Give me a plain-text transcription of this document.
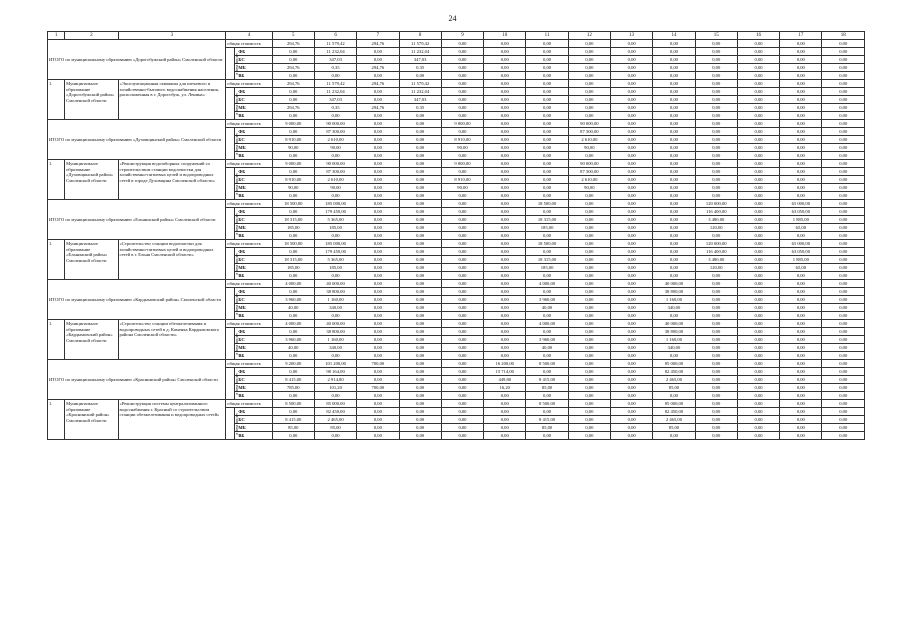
24
1	2	3	4		5	6	7	8	9	10	11	12	13	14	15	16	17	18
ИТОГО по муниципальному образованию «Дорогобужский район» Смоленской области			общая стоимость		294,76	11 579,42	294,76	11 579,42	0,00	0,00	0,00	0,00	0,00	0,00	0,00	0,00	0,00	0,00
			в том числе:	ФБ	0,00	11 232,04	0,00	11 232,04	0,00	0,00	0,00	0,00	0,00	0,00	0,00	0,00	0,00	0,00
				БС	0,00	347,03	0,00	347,03	0,00	0,00	0,00	0,00	0,00	0,00	0,00	0,00	0,00	0,00
				МБ	294,76	0,35	294,76	0,35	0,00	0,00	0,00	0,00	0,00	0,00	0,00	0,00	0,00	0,00
				ВБ	0,00	0,00	0,00	0,00	0,00	0,00	0,00	0,00	0,00	0,00	0,00	0,00	0,00	0,00
1.	Муниципальное образование «Дорогобужский район» Смоленской области	«Эксплуатационная скважина для питьевого и хозяйственно-бытового водоснабжения населения, расположенная в г. Дорогобуж, ул. Ленина»	общая стоимость		294,76	11 579,42	294,76	11 579,42	0,00	0,00	0,00	0,00	0,00	0,00	0,00	0,00	0,00	0,00
			в том числе:	ФБ	0,00	11 232,04	0,00	11 232,04	0,00	0,00	0,00	0,00	0,00	0,00	0,00	0,00	0,00	0,00
				БС	0,00	347,03	0,00	347,03	0,00	0,00	0,00	0,00	0,00	0,00	0,00	0,00	0,00	0,00
				МБ	294,76	0,35	294,76	0,35	0,00	0,00	0,00	0,00	0,00	0,00	0,00	0,00	0,00	0,00
				ВБ	0,00	0,00	0,00	0,00	0,00	0,00	0,00	0,00	0,00	0,00	0,00	0,00	0,00	0,00
ИТОГО по муниципальному образованию «Духовщинский район» Смоленской области			общая стоимость		9 000,00	90 000,00	0,00	0,00	9 000,00	0,00	0,00	90 000,00	0,00	0,00	0,00	0,00	0,00	0,00
			в том числе:	ФБ	0,00	87 300,00	0,00	0,00	0,00	0,00	0,00	87 300,00	0,00	0,00	0,00	0,00	0,00	0,00
				БС	8 910,00	2 610,00	0,00	0,00	8 910,00	0,00	0,00	2 610,00	0,00	0,00	0,00	0,00	0,00	0,00
				МБ	90,00	90,00	0,00	0,00	90,00	0,00	0,00	90,00	0,00	0,00	0,00	0,00	0,00	0,00
				ВБ	0,00	0,00	0,00	0,00	0,00	0,00	0,00	0,00	0,00	0,00	0,00	0,00	0,00	0,00
1.	Муниципальное образование «Духовщинский район» Смоленской области	«Реконструкция водозаборных сооружений со строительством станции водоочистки для хозяйственно-питьевых целей и водопроводных сетей в городе Духовщина Смоленской области»	общая стоимость		9 000,00	90 000,00	0,00	0,00	9 000,00	0,00	0,00	90 000,00	0,00	0,00	0,00	0,00	0,00	0,00
			в том числе:	ФБ	0,00	87 300,00	0,00	0,00	0,00	0,00	0,00	87 300,00	0,00	0,00	0,00	0,00	0,00	0,00
				БС	8 910,00	2 610,00	0,00	0,00	8 910,00	0,00	0,00	2 610,00	0,00	0,00	0,00	0,00	0,00	0,00
				МБ	90,00	90,00	0,00	0,00	90,00	0,00	0,00	90,00	0,00	0,00	0,00	0,00	0,00	0,00
				ВБ	0,00	0,00	0,00	0,00	0,00	0,00	0,00	0,00	0,00	0,00	0,00	0,00	0,00	0,00
ИТОГО по муниципальному образованию «Ельнинский район» Смоленской области			общая стоимость		18 500,00	185 000,00	0,00	0,00	0,00	0,00	18 500,00	0,00	0,00	0,00	120 000,00	0,00	65 000,00	0,00
			в том числе:	ФБ	0,00	179 450,00	0,00	0,00	0,00	0,00	0,00	0,00	0,00	0,00	116 400,00	0,00	63 050,00	0,00
				БС	18 315,00	5 365,00	0,00	0,00	0,00	0,00	18 315,00	0,00	0,00	0,00	3 480,00	0,00	1 885,00	0,00
				МБ	185,00	185,00	0,00	0,00	0,00	0,00	185,00	0,00	0,00	0,00	120,00	0,00	65,00	0,00
				ВБ	0,00	0,00	0,00	0,00	0,00	0,00	0,00	0,00	0,00	0,00	0,00	0,00	0,00	0,00
1.	Муниципальное образование «Ельнинский район» Смоленской области	«Строительство станции водоочистки для хозяйственно-питьевых целей и водопроводных сетей в г. Ельня Смоленской области»	общая стоимость		18 500,00	185 000,00	0,00	0,00	0,00	0,00	18 500,00	0,00	0,00	0,00	120 000,00	0,00	65 000,00	0,00
			в том числе:	ФБ	0,00	179 450,00	0,00	0,00	0,00	0,00	0,00	0,00	0,00	0,00	116 400,00	0,00	63 050,00	0,00
				БС	18 315,00	5 365,00	0,00	0,00	0,00	0,00	18 315,00	0,00	0,00	0,00	3 480,00	0,00	1 885,00	0,00
				МБ	185,00	185,00	0,00	0,00	0,00	0,00	185,00	0,00	0,00	0,00	120,00	0,00	65,00	0,00
				ВБ	0,00	0,00	0,00	0,00	0,00	0,00	0,00	0,00	0,00	0,00	0,00	0,00	0,00	0,00
ИТОГО по муниципальному образованию «Кардымовский район» Смоленской области			общая стоимость		4 000,00	40 000,00	0,00	0,00	0,00	0,00	4 000,00	0,00	0,00	40 000,00	0,00	0,00	0,00	0,00
			в том числе:	ФБ	0,00	38 800,00	0,00	0,00	0,00	0,00	0,00	0,00	0,00	38 800,00	0,00	0,00	0,00	0,00
				БС	3 960,00	1 160,00	0,00	0,00	0,00	0,00	3 960,00	0,00	0,00	1 160,00	0,00	0,00	0,00	0,00
				МБ	40,00	340,00	0,00	0,00	0,00	0,00	40,00	0,00	0,00	340,00	0,00	0,00	0,00	0,00
				ВБ	0,00	0,00	0,00	0,00	0,00	0,00	0,00	0,00	0,00	0,00	0,00	0,00	0,00	0,00
1.	Муниципальное образование «Кардымовский район» Смоленской области	«Строительство станции обезжелезивания и водопроводных сетей в д. Каменка Кардымовского района Смоленской области»	общая стоимость		4 000,00	40 000,00	0,00	0,00	0,00	0,00	4 000,00	0,00	0,00	40 000,00	0,00	0,00	0,00	0,00
			в том числе:	ФБ	0,00	38 800,00	0,00	0,00	0,00	0,00	0,00	0,00	0,00	38 800,00	0,00	0,00	0,00	0,00
				БС	3 960,00	1 160,00	0,00	0,00	0,00	0,00	3 960,00	0,00	0,00	1 160,00	0,00	0,00	0,00	0,00
				МБ	40,00	340,00	0,00	0,00	0,00	0,00	40,00	0,00	0,00	340,00	0,00	0,00	0,00	0,00
				ВБ	0,00	0,00	0,00	0,00	0,00	0,00	0,00	0,00	0,00	0,00	0,00	0,00	0,00	0,00
ИТОГО по муниципальному образованию «Краснинский район» Смоленской области			общая стоимость		9 200,00	101 200,00	700,00	0,00	0,00	16 200,00	8 500,00	0,00	0,00	85 000,00	0,00	0,00	0,00	0,00
			в том числе:	ФБ	0,00	98 164,00	0,00	0,00	0,00	15 714,00	0,00	0,00	0,00	82 450,00	0,00	0,00	0,00	0,00
				БС	8 415,00	2 914,80	0,00	0,00	0,00	449,80	8 415,00	0,00	0,00	2 465,00	0,00	0,00	0,00	0,00
				МБ	785,00	101,20	700,00	0,00	0,00	16,20	85,00	0,00	0,00	85,00	0,00	0,00	0,00	0,00
				ВБ	0,00	0,00	0,00	0,00	0,00	0,00	0,00	0,00	0,00	0,00	0,00	0,00	0,00	0,00
1.	Муниципальное образование «Краснинский район» Смоленской области	«Реконструкция системы централизованного водоснабжения г. Красный со строительством станции обезжелезивания и водопроводных сетей»	общая стоимость		8 500,00	85 000,00	0,00	0,00	0,00	0,00	8 500,00	0,00	0,00	85 000,00	0,00	0,00	0,00	0,00
			в том числе:	ФБ	0,00	82 450,00	0,00	0,00	0,00	0,00	0,00	0,00	0,00	82 450,00	0,00	0,00	0,00	0,00
				БС	8 415,00	2 465,00	0,00	0,00	0,00	0,00	8 415,00	0,00	0,00	2 465,00	0,00	0,00	0,00	0,00
				МБ	85,00	85,00	0,00	0,00	0,00	0,00	85,00	0,00	0,00	85,00	0,00	0,00	0,00	0,00
				ВБ	0,00	0,00	0,00	0,00	0,00	0,00	0,00	0,00	0,00	0,00	0,00	0,00	0,00	0,00
